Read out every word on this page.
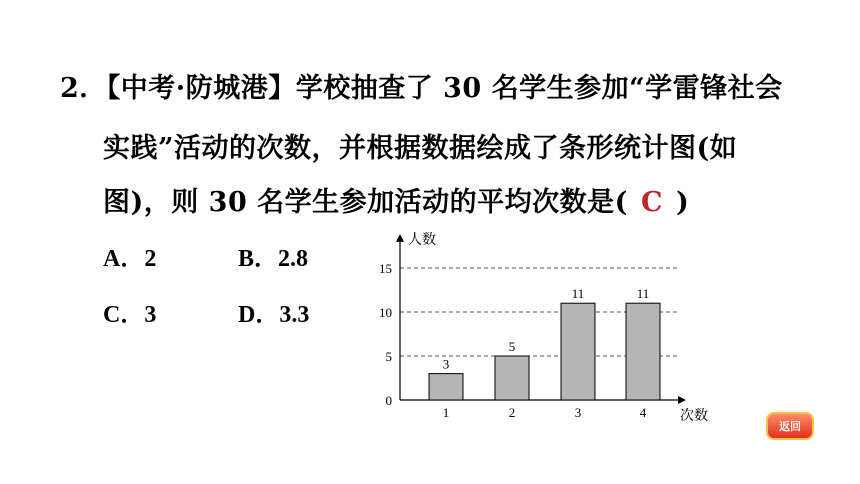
2．【中考·防城港】学校抽查了 30 名学生参加“学雷锋社会
实践”活动的次数，并根据数据绘成了条形统计图(如
图)，则 30 名学生参加活动的平均次数是( C )
A．2	B．2.8
C．3	D．3.3
0
5
10
15
人数
次数
3
1
5
2
11
3
11
4
返回
